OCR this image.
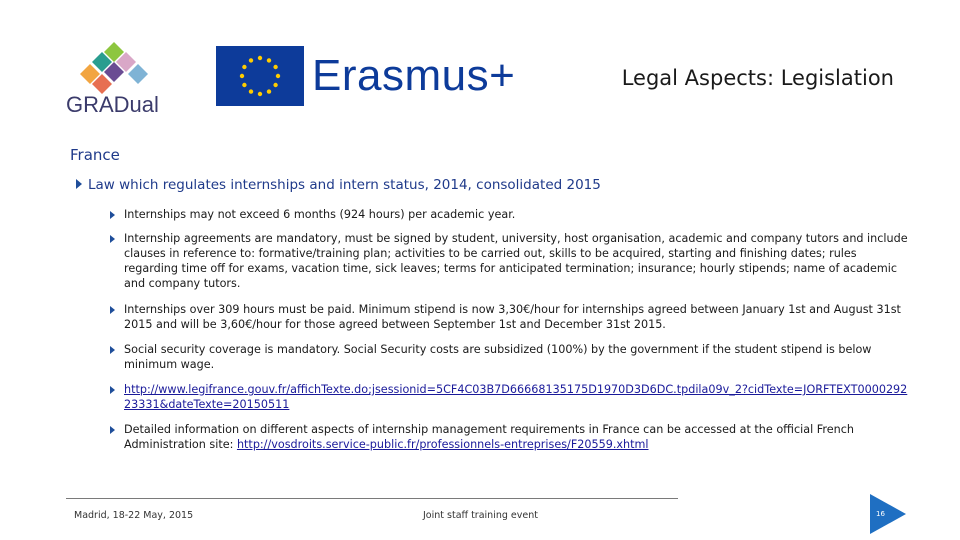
GRADual
Erasmus+	Legal Aspects: Legislation
France
Law which regulates internships and intern status, 2014, consolidated 2015
Internships may not exceed 6 months (924 hours) per academic year.
Internship agreements are mandatory, must be signed by student, university, host organisation, academic and company tutors and include clauses in reference to: formative/training plan; activities to be carried out, skills to be acquired, starting and finishing dates; rules regarding time off for exams, vacation time, sick leaves; terms for anticipated termination; insurance; hourly stipends; name of academic and company tutors.
Internships over 309 hours must be paid. Minimum stipend is now 3,30€/hour for internships agreed between January 1st and August 31st 2015 and will be 3,60€/hour for those agreed between September 1st and December 31st 2015.
Social security coverage is mandatory. Social Security costs are subsidized (100%) by the government if the student stipend is below minimum wage.
http://www.legifrance.gouv.fr/affichTexte.do;jsessionid=5CF4C03B7D66668135175D1970D3D6DC.tpdila09v_2?cidTexte=JORFTEXT000029223331&dateTexte=20150511
Detailed information on different aspects of internship management requirements in France can be accessed at the official French Administration site: http://vosdroits.service-public.fr/professionnels-entreprises/F20559.xhtml
Madrid, 18-22 May, 2015	Joint staff training event	16
